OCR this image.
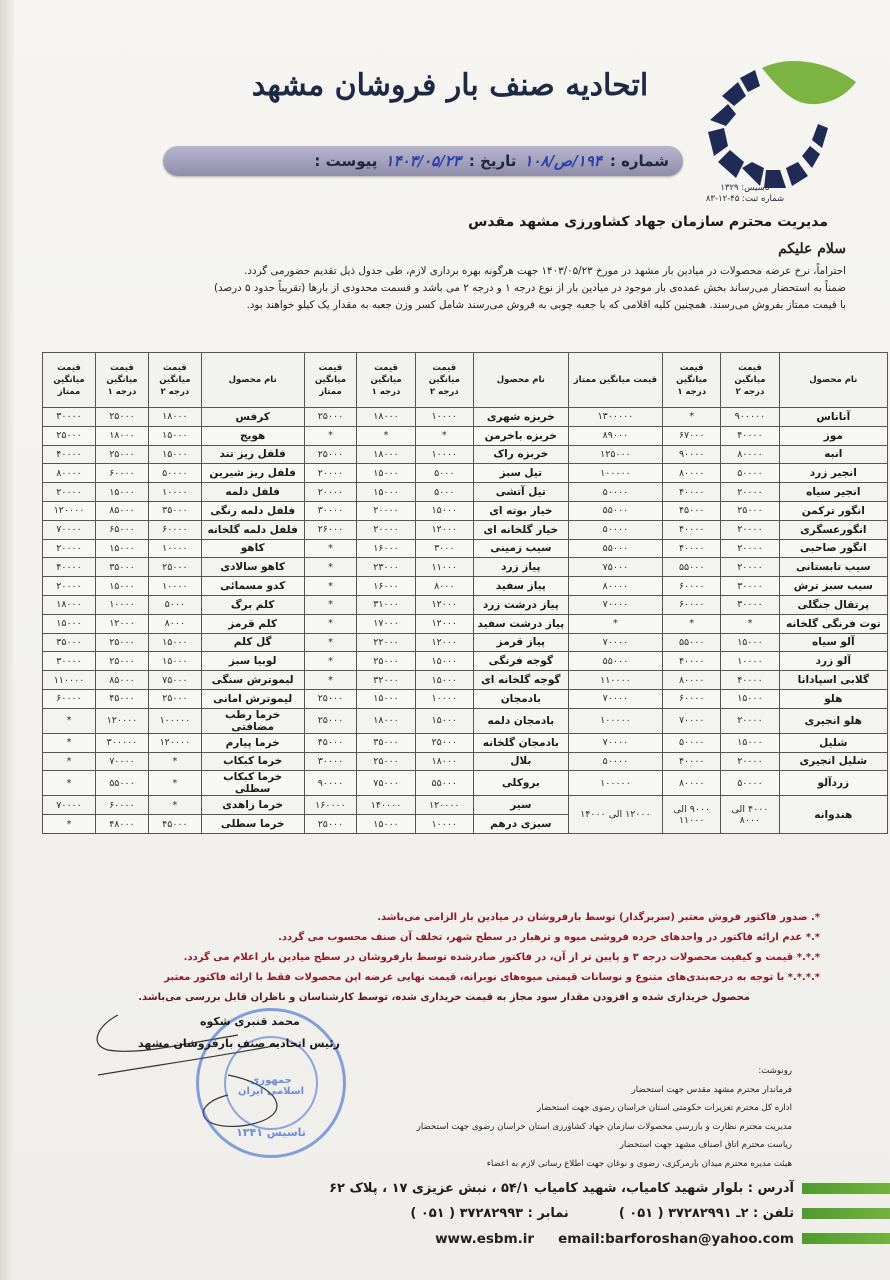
تاسیس: ۱۳۲۹
شماره ثبت: ۴۵-۱۲-۸۳
اتحادیه صنف بار فروشان مشهد
شماره :
۱۹۴/ص/۱۰۸
تاریخ :
۱۴۰۳/۰۵/۲۳
پیوست :
مدیریت محترم سازمان جهاد کشاورزی مشهد مقدس
سلام علیکم

احتراماً، نرخ عرضه محصولات در میادین بار مشهد در مورخ ۱۴۰۳/۰۵/۲۳ جهت هرگونه بهره برداری لازم، طی جدول ذیل تقدیم حضورمی گردد.

ضمناً به استحضار می‌رساند بخش عمده‌ی بار موجود در میادین بار از نوع درجه ۱ و درجه ۲ می باشد و قسمت محدودی از بارها (تقریباً حدود ۵ درصد)

با قیمت ممتاز بفروش می‌رسند. همچنین کلیه اقلامی که با جعبه چوبی به فروش می‌رسند شامل کسر وزن جعبه به مقدار یک کیلو خواهند بود.

نام محصول	قیمت میانگین درجه ۲	قیمت میانگین درجه ۱	قیمت میانگین ممتاز	نام محصول	قیمت میانگین درجه ۲	قیمت میانگین درجه ۱	قیمت میانگین ممتاز	نام محصول	قیمت میانگین درجه ۲	قیمت میانگین درجه ۱	قیمت میانگین ممتاز
آناناس	۹۰۰۰۰۰	*	۱۳۰۰۰۰۰	خربزه شهری	۱۰۰۰۰	۱۸۰۰۰	۲۵۰۰۰	کرفس	۱۸۰۰۰	۲۵۰۰۰	۳۰۰۰۰
موز	۴۰۰۰۰	۶۷۰۰۰	۸۹۰۰۰	خربزه باخرمن	*	*	*	هویج	۱۵۰۰۰	۱۸۰۰۰	۲۵۰۰۰
انبه	۸۰۰۰۰	۹۰۰۰۰	۱۲۵۰۰۰	خربزه راک	۱۰۰۰۰	۱۸۰۰۰	۲۵۰۰۰	فلفل ریز تند	۱۵۰۰۰	۲۵۰۰۰	۴۰۰۰۰
انجیر زرد	۵۰۰۰۰	۸۰۰۰۰	۱۰۰۰۰۰	تیل سبز	۵۰۰۰	۱۵۰۰۰	۲۰۰۰۰	فلفل ریز شیرین	۵۰۰۰۰	۶۰۰۰۰	۸۰۰۰۰
انجیر سیاه	۲۰۰۰۰	۴۰۰۰۰	۵۰۰۰۰	تیل آتشی	۵۰۰۰	۱۵۰۰۰	۲۰۰۰۰	فلفل دلمه	۱۰۰۰۰	۱۵۰۰۰	۲۰۰۰۰
انگور ترکمن	۲۵۰۰۰	۴۵۰۰۰	۵۵۰۰۰	خیار بوته ای	۱۵۰۰۰	۲۰۰۰۰	۳۰۰۰۰	فلفل دلمه رنگی	۳۵۰۰۰	۸۵۰۰۰	۱۲۰۰۰۰
انگورعسگری	۲۰۰۰۰	۴۰۰۰۰	۵۰۰۰۰	خیار گلخانه ای	۱۲۰۰۰	۲۰۰۰۰	۲۶۰۰۰	فلفل دلمه گلخانه	۶۰۰۰۰	۶۵۰۰۰	۷۰۰۰۰
انگور صاحبی	۲۰۰۰۰	۴۰۰۰۰	۵۵۰۰۰	سیب زمینی	۳۰۰۰	۱۶۰۰۰	*	کاهو	۱۰۰۰۰	۱۵۰۰۰	۲۰۰۰۰
سیب تابستانی	۲۰۰۰۰	۵۵۰۰۰	۷۵۰۰۰	پیاز زرد	۱۱۰۰۰	۲۳۰۰۰	*	کاهو سالادی	۲۵۰۰۰	۳۵۰۰۰	۴۰۰۰۰
سیب سبز ترش	۳۰۰۰۰	۶۰۰۰۰	۸۰۰۰۰	پیاز سفید	۸۰۰۰	۱۶۰۰۰	*	کدو مسمائی	۱۰۰۰۰	۱۵۰۰۰	۲۰۰۰۰
پرتقال جنگلی	۳۰۰۰۰	۶۰۰۰۰	۷۰۰۰۰	پیاز درشت زرد	۱۲۰۰۰	۳۱۰۰۰	*	کلم برگ	۵۰۰۰	۱۰۰۰۰	۱۸۰۰۰
توت فرنگی گلخانه	*	*	*	پیاز درشت سفید	۱۲۰۰۰	۱۷۰۰۰	*	کلم قرمز	۸۰۰۰	۱۲۰۰۰	۱۵۰۰۰
آلو سیاه	۱۵۰۰۰	۵۵۰۰۰	۷۰۰۰۰	پیاز قرمز	۱۲۰۰۰	۲۲۰۰۰	*	گل کلم	۱۵۰۰۰	۲۵۰۰۰	۳۵۰۰۰
آلو زرد	۱۰۰۰۰	۴۰۰۰۰	۵۵۰۰۰	گوجه فرنگی	۱۵۰۰۰	۲۵۰۰۰	*	لوبیا سبز	۱۵۰۰۰	۲۵۰۰۰	۳۰۰۰۰
گلابی اسپادانا	۴۰۰۰۰	۸۰۰۰۰	۱۱۰۰۰۰	گوجه گلخانه ای	۱۵۰۰۰	۳۲۰۰۰	*	لیموترش سنگی	۷۵۰۰۰	۸۵۰۰۰	۱۱۰۰۰۰
هلو	۱۵۰۰۰	۶۰۰۰۰	۷۰۰۰۰	بادمجان	۱۰۰۰۰	۱۵۰۰۰	۲۵۰۰۰	لیموترش امانی	۲۵۰۰۰	۴۵۰۰۰	۶۰۰۰۰
هلو انجیری	۲۰۰۰۰	۷۰۰۰۰	۱۰۰۰۰۰	بادمجان دلمه	۱۵۰۰۰	۱۸۰۰۰	۲۵۰۰۰	خرما رطب مضافتی	۱۰۰۰۰۰	۱۲۰۰۰۰	*
شلیل	۱۵۰۰۰	۵۰۰۰۰	۷۰۰۰۰	بادمجان گلخانه	۲۵۰۰۰	۳۵۰۰۰	۴۵۰۰۰	خرما پیارم	۱۲۰۰۰۰	۳۰۰۰۰۰	*
شلیل انجیری	۲۰۰۰۰	۴۰۰۰۰	۵۰۰۰۰	بلال	۱۸۰۰۰	۲۵۰۰۰	۳۰۰۰۰	خرما کبکاب	*	۷۰۰۰۰	*
زردآلو	۵۰۰۰۰	۸۰۰۰۰	۱۰۰۰۰۰	بروکلی	۵۵۰۰۰	۷۵۰۰۰	۹۰۰۰۰	خرما کبکاب سطلی	*	۵۵۰۰۰	*
هندوانه	۴۰۰۰ الی ۸۰۰۰	۹۰۰۰ الی ۱۱۰۰۰	۱۲۰۰۰ الی ۱۴۰۰۰	سیر	۱۲۰۰۰۰	۱۴۰۰۰۰	۱۶۰۰۰۰	خرما زاهدی	*	۶۰۰۰۰	۷۰۰۰۰
				سبزی درهم	۱۰۰۰۰	۱۵۰۰۰	۲۵۰۰۰	خرما سطلی	۴۵۰۰۰	۴۸۰۰۰	*
*. صدور فاکتور فروش معتبر (سربرگدار) توسط بارفروشان در میادین بار الزامی می‌باشد.
*.* عدم ارائه فاکتور در واحدهای خرده فروشی میوه و ترهبار در سطح شهر، تخلف آن صنف محسوب می گردد.
*.*.* قیمت و کیفیت محصولات درجه ۳ و پایین تر از آن، در فاکتور صادرشده توسط بارفروشان در سطح میادین بار اعلام می گردد.
*.*.*.* با توجه به درجه‌بندی‌های متنوع و نوسانات قیمتی میوه‌های نوبرانه، قیمت نهایی عرضه این محصولات فقط با ارائه فاکتور معتبر
محصول خریداری شده و افزودن مقدار سود مجاز به قیمت خریداری شده، توسط کارشناسان و ناظران قابل بررسی می‌باشد.
جمهوری اسلامی ایران
تاسیس ۱۳۴۱
محمد قنبری شکوه
رئیس اتحادیه صنف بارفروشان مشهد
رونوشت:
فرماندار محترم مشهد مقدس جهت استحضار
اداره کل محترم تعزیرات حکومتی استان خراسان رضوی جهت استحضار
مدیریت محترم نظارت و بازرسی محصولات سازمان جهاد کشاورزی استان خراسان رضوی جهت استحضار
ریاست محترم اتاق اصناف مشهد جهت استحضار
هیئت مدیره محترم میدان بارمرکزی، رضوی و نوغان جهت اطلاع رسانی لازم به اعضاء
آدرس : بلوار شهید کامیاب، شهید کامیاب ۵۴/۱ ، نبش عزیزی ۱۷ ، پلاک ۶۲
تلفن : ۲ـ ۳۷۲۸۲۹۹۱ ( ۰۵۱ )
نمابر : ۳۷۲۸۲۹۹۳ ( ۰۵۱ )
www.esbm.ir email:barforoshan@yahoo.com
